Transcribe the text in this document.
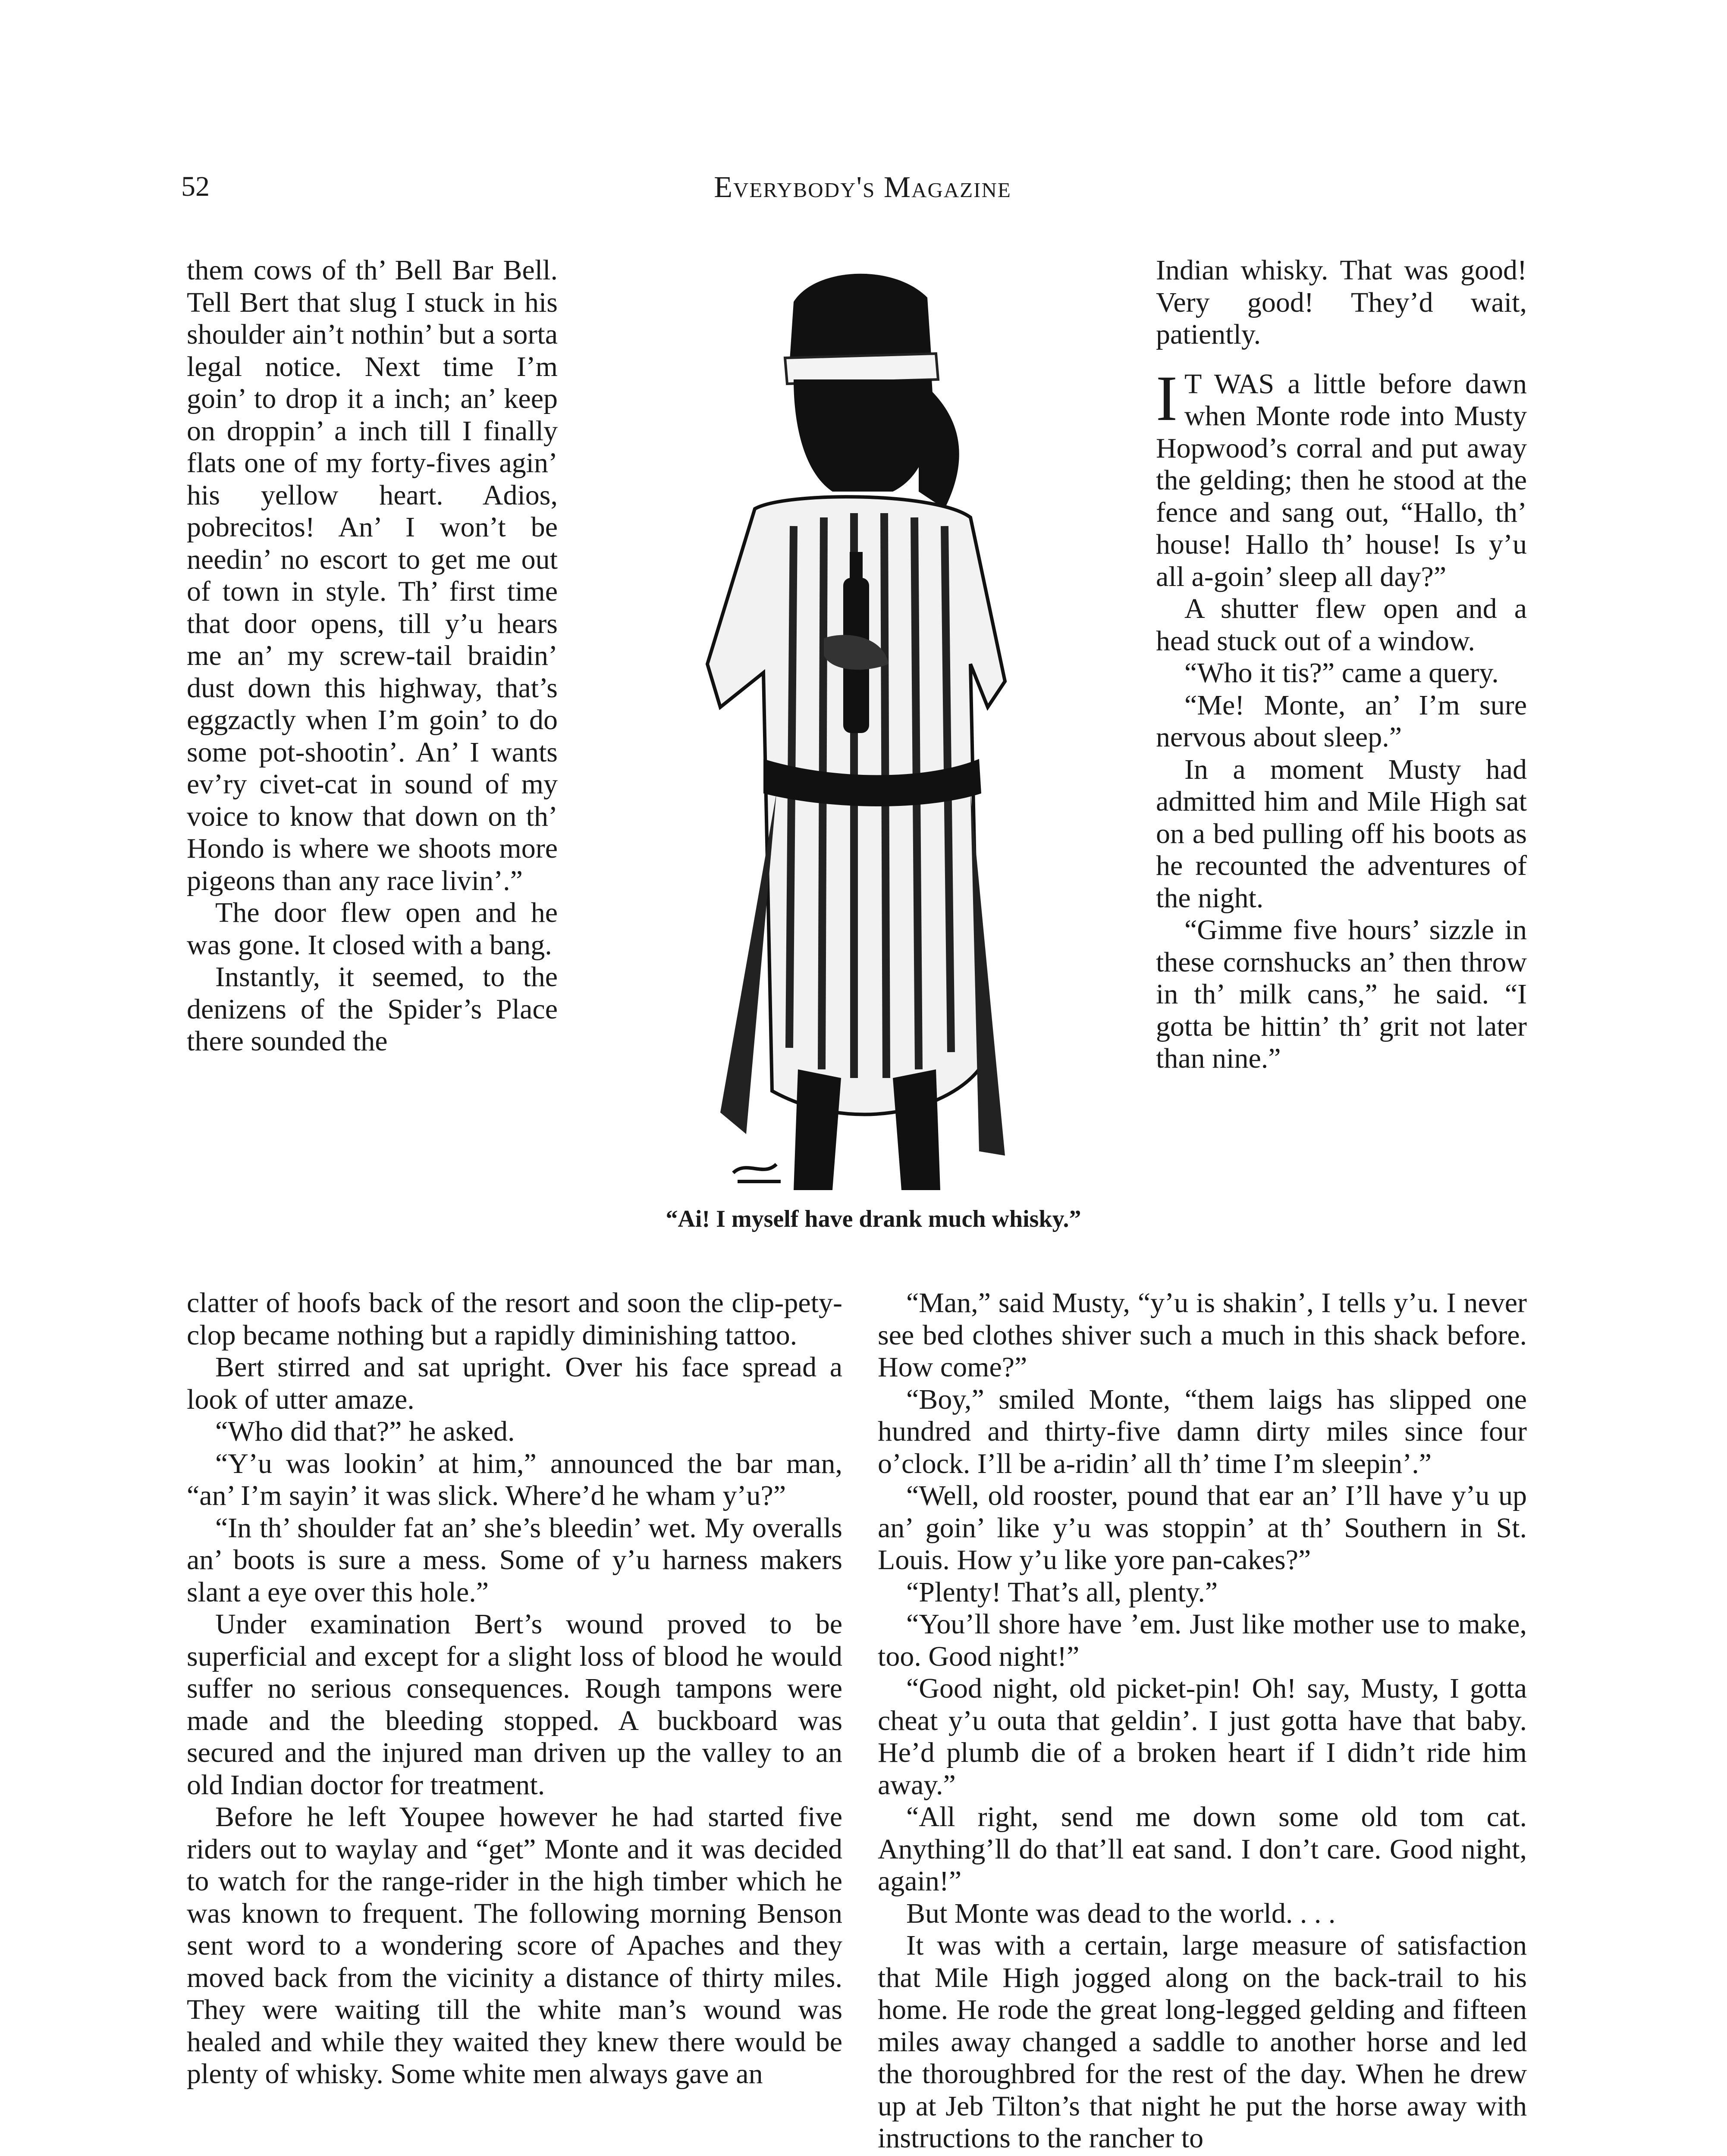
52	Everybody's Magazine

them cows of th’ Bell Bar Bell. Tell Bert that slug I stuck in his shoulder ain’t nothin’ but a sorta legal notice. Next time I’m goin’ to drop it a inch; an’ keep on droppin’ a inch till I finally flats one of my forty-fives agin’ his yellow heart. Adios, pobrecitos! An’ I won’t be needin’ no escort to get me out of town in style. Th’ first time that door opens, till y’u hears me an’ my screw-tail braidin’ dust down this highway, that’s eggzactly when I’m goin’ to do some pot-shootin’. An’ I wants ev’ry civet-cat in sound of my voice to know that down on th’ Hondo is where we shoots more pigeons than any race livin’.”

The door flew open and he was gone. It closed with a bang.

Instantly, it seemed, to the denizens of the Spider’s Place there sounded the

“Ai! I myself have drank much whisky.”

clatter of hoofs back of the resort and soon the clip-pety-clop became nothing but a rapidly diminishing tattoo.

Bert stirred and sat upright. Over his face spread a look of utter amaze.

“Who did that?” he asked.

“Y’u was lookin’ at him,” announced the bar man, “an’ I’m sayin’ it was slick. Where’d he wham y’u?”

“In th’ shoulder fat an’ she’s bleedin’ wet. My overalls an’ boots is sure a mess. Some of y’u harness makers slant a eye over this hole.”

Under examination Bert’s wound proved to be superficial and except for a slight loss of blood he would suffer no serious consequences. Rough tampons were made and the bleeding stopped. A buckboard was secured and the injured man driven up the valley to an old Indian doctor for treatment.

Before he left Youpee however he had started five riders out to waylay and “get” Monte and it was decided to watch for the range-rider in the high timber which he was known to frequent. The following morning Benson sent word to a wondering score of Apaches and they moved back from the vicinity a distance of thirty miles. They were waiting till the white man’s wound was healed and while they waited they knew there would be plenty of whisky. Some white men always gave an

Indian whisky. That was good! Very good! They’d wait, patiently.

I T WAS a little before dawn when Monte rode into Musty Hopwood’s corral and put away the gelding; then he stood at the fence and sang out, “Hallo, th’ house! Hallo th’ house! Is y’u all a-goin’ sleep all day?”

A shutter flew open and a head stuck out of a window.

“Who it tis?” came a query.

“Me! Monte, an’ I’m sure nervous about sleep.”

In a moment Musty had admitted him and Mile High sat on a bed pulling off his boots as he recounted the adventures of the night.

“Gimme five hours’ sizzle in these cornshucks an’ then throw in th’ milk cans,” he said. “I gotta be hittin’ th’ grit not later than nine.”

“Man,” said Musty, “y’u is shakin’, I tells y’u. I never see bed clothes shiver such a much in this shack before. How come?”

“Boy,” smiled Monte, “them laigs has slipped one hundred and thirty-five damn dirty miles since four o’clock. I’ll be a-ridin’ all th’ time I’m sleepin’.”

“Well, old rooster, pound that ear an’ I’ll have y’u up an’ goin’ like y’u was stoppin’ at th’ Southern in St. Louis. How y’u like yore pan-cakes?”

“Plenty! That’s all, plenty.”

“You’ll shore have ’em. Just like mother use to make, too. Good night!”

“Good night, old picket-pin! Oh! say, Musty, I gotta cheat y’u outa that geldin’. I just gotta have that baby. He’d plumb die of a broken heart if I didn’t ride him away.”

“All right, send me down some old tom cat. Anything’ll do that’ll eat sand. I don’t care. Good night, again!”

But Monte was dead to the world. . . .

It was with a certain, large measure of satisfaction that Mile High jogged along on the back-trail to his home. He rode the great long-legged gelding and fifteen miles away changed a saddle to another horse and led the thoroughbred for the rest of the day. When he drew up at Jeb Tilton’s that night he put the horse away with instructions to the rancher to
